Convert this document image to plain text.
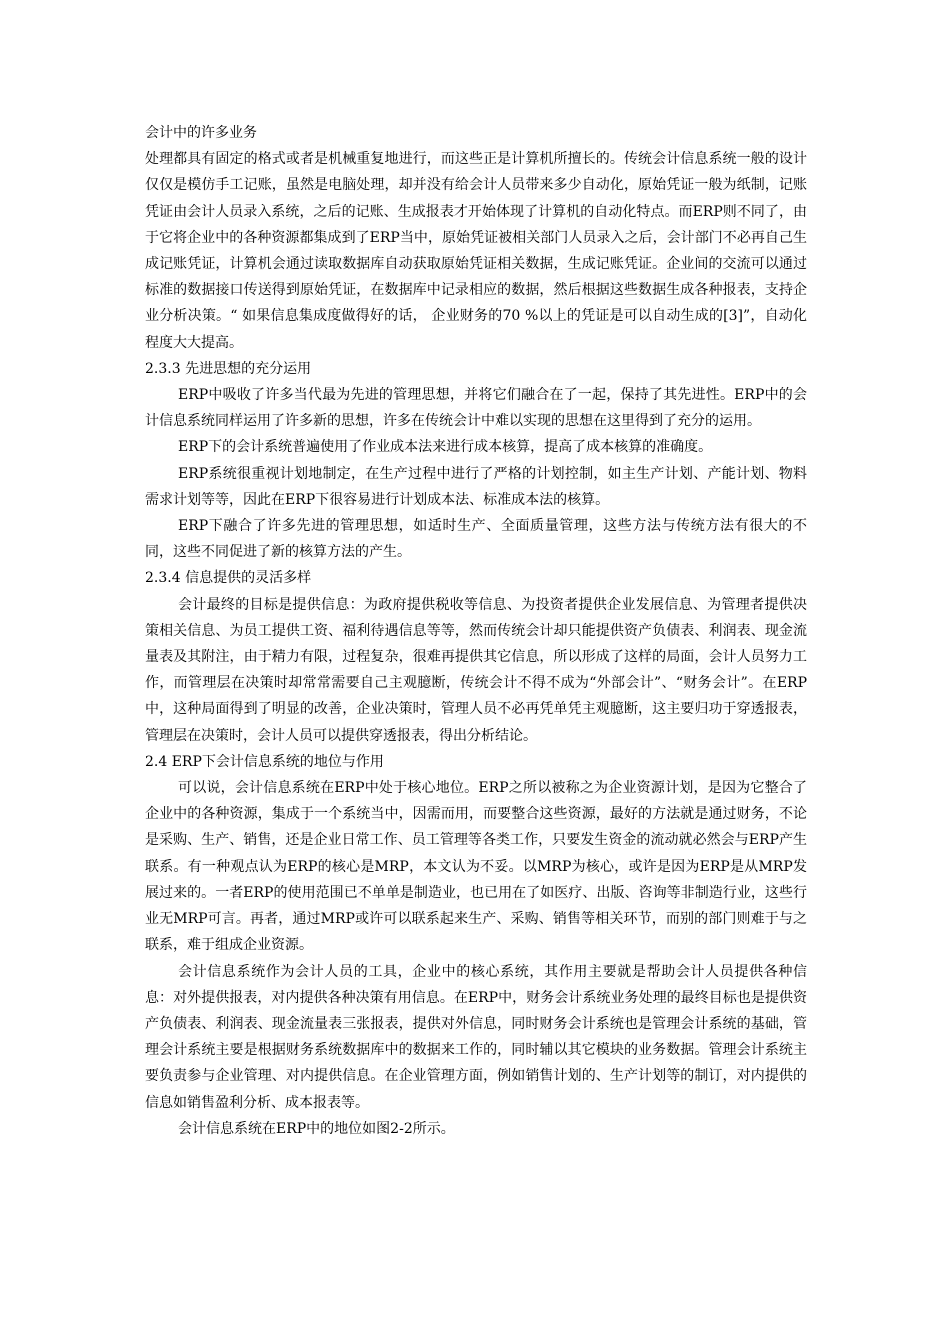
会计中的许多业务

处理都具有固定的格式或者是机械重复地进行，而这些正是计算机所擅长的。传统会计信息系统一般的设计仅仅是模仿手工记账，虽然是电脑处理，却并没有给会计人员带来多少自动化，原始凭证一般为纸制，记账凭证由会计人员录入系统，之后的记账、生成报表才开始体现了计算机的自动化特点。而ERP则不同了，由于它将企业中的各种资源都集成到了ERP当中，原始凭证被相关部门人员录入之后，会计部门不必再自己生成记账凭证，计算机会通过读取数据库自动获取原始凭证相关数据，生成记账凭证。企业间的交流可以通过标准的数据接口传送得到原始凭证，在数据库中记录相应的数据，然后根据这些数据生成各种报表，支持企业分析决策。“ 如果信息集成度做得好的话， 企业财务的70 %以上的凭证是可以自动生成的[3]”，自动化程度大大提高。

2.3.3 先进思想的充分运用

ERP中吸收了许多当代最为先进的管理思想，并将它们融合在了一起，保持了其先进性。ERP中的会计信息系统同样运用了许多新的思想，许多在传统会计中难以实现的思想在这里得到了充分的运用。

ERP下的会计系统普遍使用了作业成本法来进行成本核算，提高了成本核算的准确度。

ERP系统很重视计划地制定，在生产过程中进行了严格的计划控制，如主生产计划、产能计划、物料需求计划等等，因此在ERP下很容易进行计划成本法、标准成本法的核算。

ERP下融合了许多先进的管理思想，如适时生产、全面质量管理，这些方法与传统方法有很大的不同，这些不同促进了新的核算方法的产生。

2.3.4 信息提供的灵活多样

会计最终的目标是提供信息：为政府提供税收等信息、为投资者提供企业发展信息、为管理者提供决策相关信息、为员工提供工资、福利待遇信息等等，然而传统会计却只能提供资产负债表、利润表、现金流量表及其附注，由于精力有限，过程复杂，很难再提供其它信息，所以形成了这样的局面，会计人员努力工作，而管理层在决策时却常常需要自己主观臆断，传统会计不得不成为“外部会计”、“财务会计”。在ERP中，这种局面得到了明显的改善，企业决策时，管理人员不必再凭单凭主观臆断，这主要归功于穿透报表，管理层在决策时，会计人员可以提供穿透报表，得出分析结论。

2.4 ERP下会计信息系统的地位与作用

可以说，会计信息系统在ERP中处于核心地位。ERP之所以被称之为企业资源计划，是因为它整合了企业中的各种资源，集成于一个系统当中，因需而用，而要整合这些资源，最好的方法就是通过财务，不论是采购、生产、销售，还是企业日常工作、员工管理等各类工作，只要发生资金的流动就必然会与ERP产生联系。有一种观点认为ERP的核心是MRP，本文认为不妥。以MRP为核心，或许是因为ERP是从MRP发展过来的。一者ERP的使用范围已不单单是制造业，也已用在了如医疗、出版、咨询等非制造行业，这些行业无MRP可言。再者，通过MRP或许可以联系起来生产、采购、销售等相关环节，而别的部门则难于与之联系，难于组成企业资源。

会计信息系统作为会计人员的工具，企业中的核心系统，其作用主要就是帮助会计人员提供各种信息：对外提供报表，对内提供各种决策有用信息。在ERP中，财务会计系统业务处理的最终目标也是提供资产负债表、利润表、现金流量表三张报表，提供对外信息，同时财务会计系统也是管理会计系统的基础，管理会计系统主要是根据财务系统数据库中的数据来工作的，同时辅以其它模块的业务数据。管理会计系统主要负责参与企业管理、对内提供信息。在企业管理方面，例如销售计划的、生产计划等的制订，对内提供的信息如销售盈利分析、成本报表等。

会计信息系统在ERP中的地位如图2-2所示。
